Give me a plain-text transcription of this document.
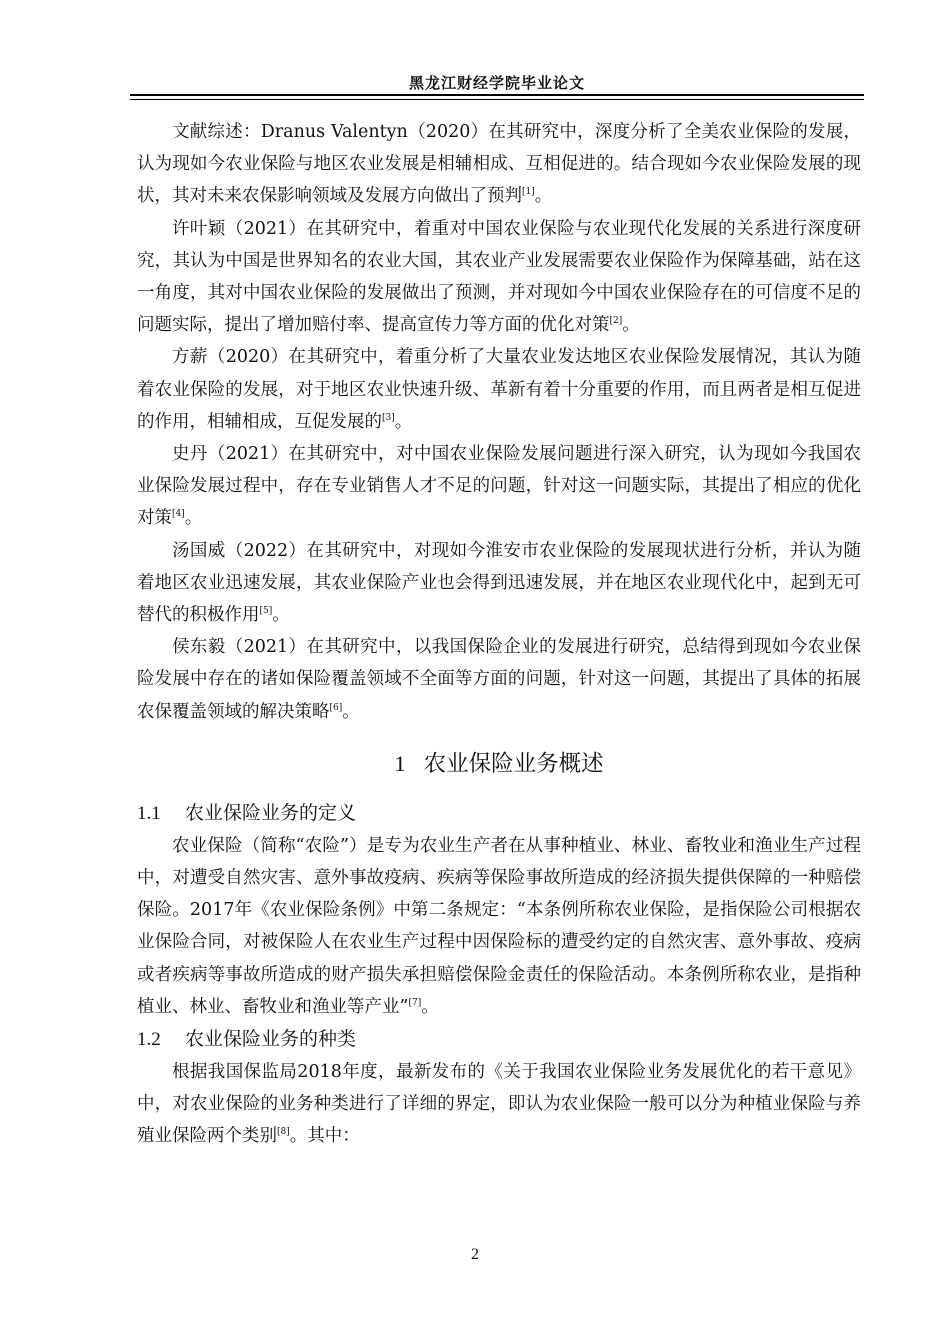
黑龙江财经学院毕业论文

文献综述：Dranus Valentyn（2020）在其研究中，深度分析了全美农业保险的发展，认为现如今农业保险与地区农业发展是相辅相成、互相促进的。结合现如今农业保险发展的现状，其对未来农保影响领域及发展方向做出了预判[1]。

许叶颖（2021）在其研究中，着重对中国农业保险与农业现代化发展的关系进行深度研究，其认为中国是世界知名的农业大国，其农业产业发展需要农业保险作为保障基础，站在这一角度，其对中国农业保险的发展做出了预测，并对现如今中国农业保险存在的可信度不足的问题实际，提出了增加赔付率、提高宣传力等方面的优化对策[2]。

方薪（2020）在其研究中，着重分析了大量农业发达地区农业保险发展情况，其认为随着农业保险的发展，对于地区农业快速升级、革新有着十分重要的作用，而且两者是相互促进的作用，相辅相成，互促发展的[3]。

史丹（2021）在其研究中，对中国农业保险发展问题进行深入研究，认为现如今我国农业保险发展过程中，存在专业销售人才不足的问题，针对这一问题实际，其提出了相应的优化对策[4]。

汤国威（2022）在其研究中，对现如今淮安市农业保险的发展现状进行分析，并认为随着地区农业迅速发展，其农业保险产业也会得到迅速发展，并在地区农业现代化中，起到无可替代的积极作用[5]。

侯东毅（2021）在其研究中，以我国保险企业的发展进行研究，总结得到现如今农业保险发展中存在的诸如保险覆盖领域不全面等方面的问题，针对这一问题，其提出了具体的拓展农保覆盖领域的解决策略[6]。

1 农业保险业务概述
1.1 农业保险业务的定义

农业保险（简称“农险”）是专为农业生产者在从事种植业、林业、畜牧业和渔业生产过程中，对遭受自然灾害、意外事故疫病、疾病等保险事故所造成的经济损失提供保障的一种赔偿保险。2017年《农业保险条例》中第二条规定：“本条例所称农业保险，是指保险公司根据农业保险合同，对被保险人在农业生产过程中因保险标的遭受约定的自然灾害、意外事故、疫病或者疾病等事故所造成的财产损失承担赔偿保险金责任的保险活动。本条例所称农业，是指种植业、林业、畜牧业和渔业等产业”[7]。

1.2 农业保险业务的种类

根据我国保监局2018年度，最新发布的《关于我国农业保险业务发展优化的若干意见》中，对农业保险的业务种类进行了详细的界定，即认为农业保险一般可以分为种植业保险与养殖业保险两个类别[8]。其中：

2
